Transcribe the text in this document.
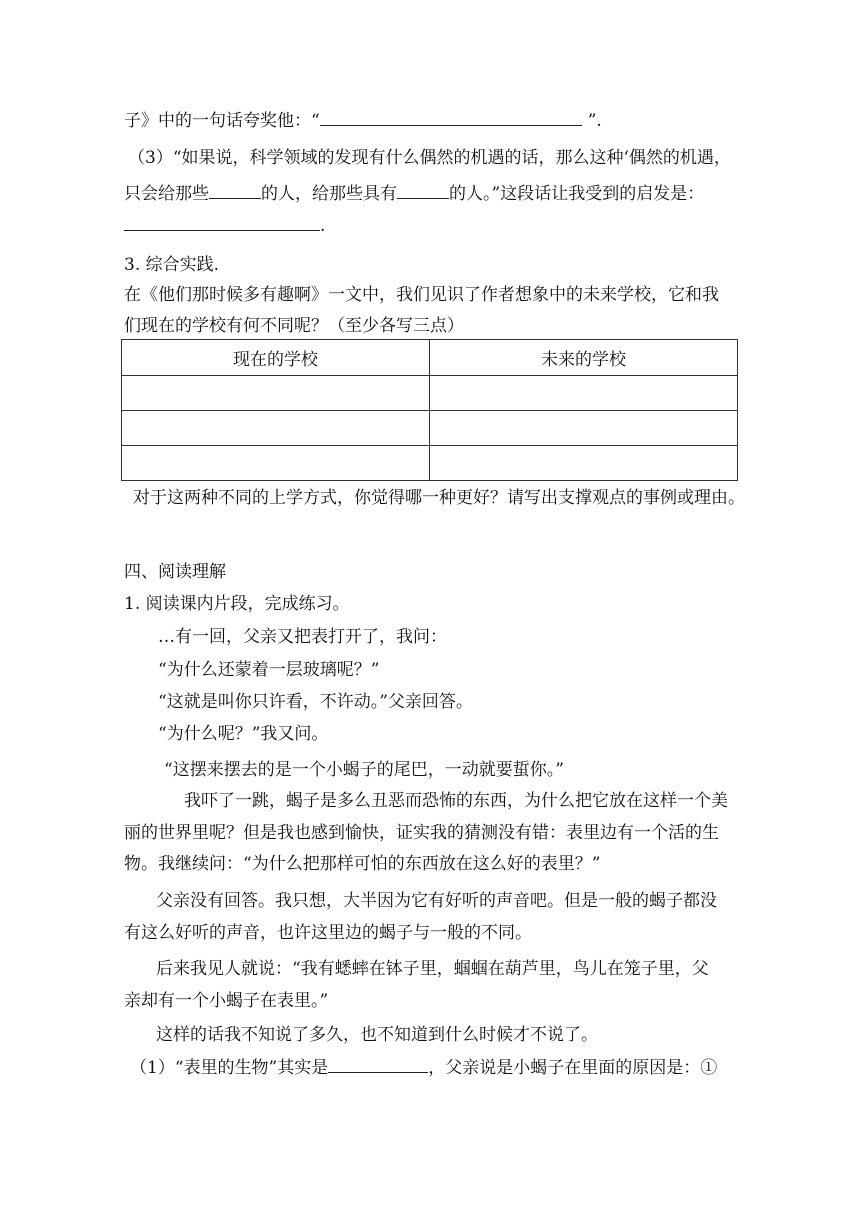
子》中的一句话夸奖他：“	”.
（3）“如果说，科学领域的发现有什么偶然的机遇的话，那么这种‘偶然的机遇，
只会给那些	的人，给那些具有	的人。”这段话让我受到的启发是：
.
3. 综合实践.
在《他们那时候多有趣啊》一文中，我们见识了作者想象中的未来学校，它和我
们现在的学校有何不同呢？（至少各写三点）
现在的学校	未来的学校

对于这两种不同的上学方式，你觉得哪一种更好？请写出支撑观点的事例或理由。
四、阅读理解
1. 阅读课内片段，完成练习。
…有一回，父亲又把表打开了，我问：
“为什么还蒙着一层玻璃呢？”
“这就是叫你只许看，不许动。”父亲回答。
“为什么呢？”我又问。
“这摆来摆去的是一个小蝎子的尾巴，一动就要蜇你。”
我吓了一跳，蝎子是多么丑恶而恐怖的东西，为什么把它放在这样一个美
丽的世界里呢？但是我也感到愉快，证实我的猜测没有错：表里边有一个活的生
物。我继续问：“为什么把那样可怕的东西放在这么好的表里？”
父亲没有回答。我只想，大半因为它有好听的声音吧。但是一般的蝎子都没
有这么好听的声音，也许这里边的蝎子与一般的不同。
后来我见人就说：“我有蟋蟀在钵子里，蝈蝈在葫芦里，鸟儿在笼子里，父
亲却有一个小蝎子在表里。”
这样的话我不知说了多久，也不知道到什么时候才不说了。
（1）“表里的生物”其实是	，父亲说是小蝎子在里面的原因是：①
